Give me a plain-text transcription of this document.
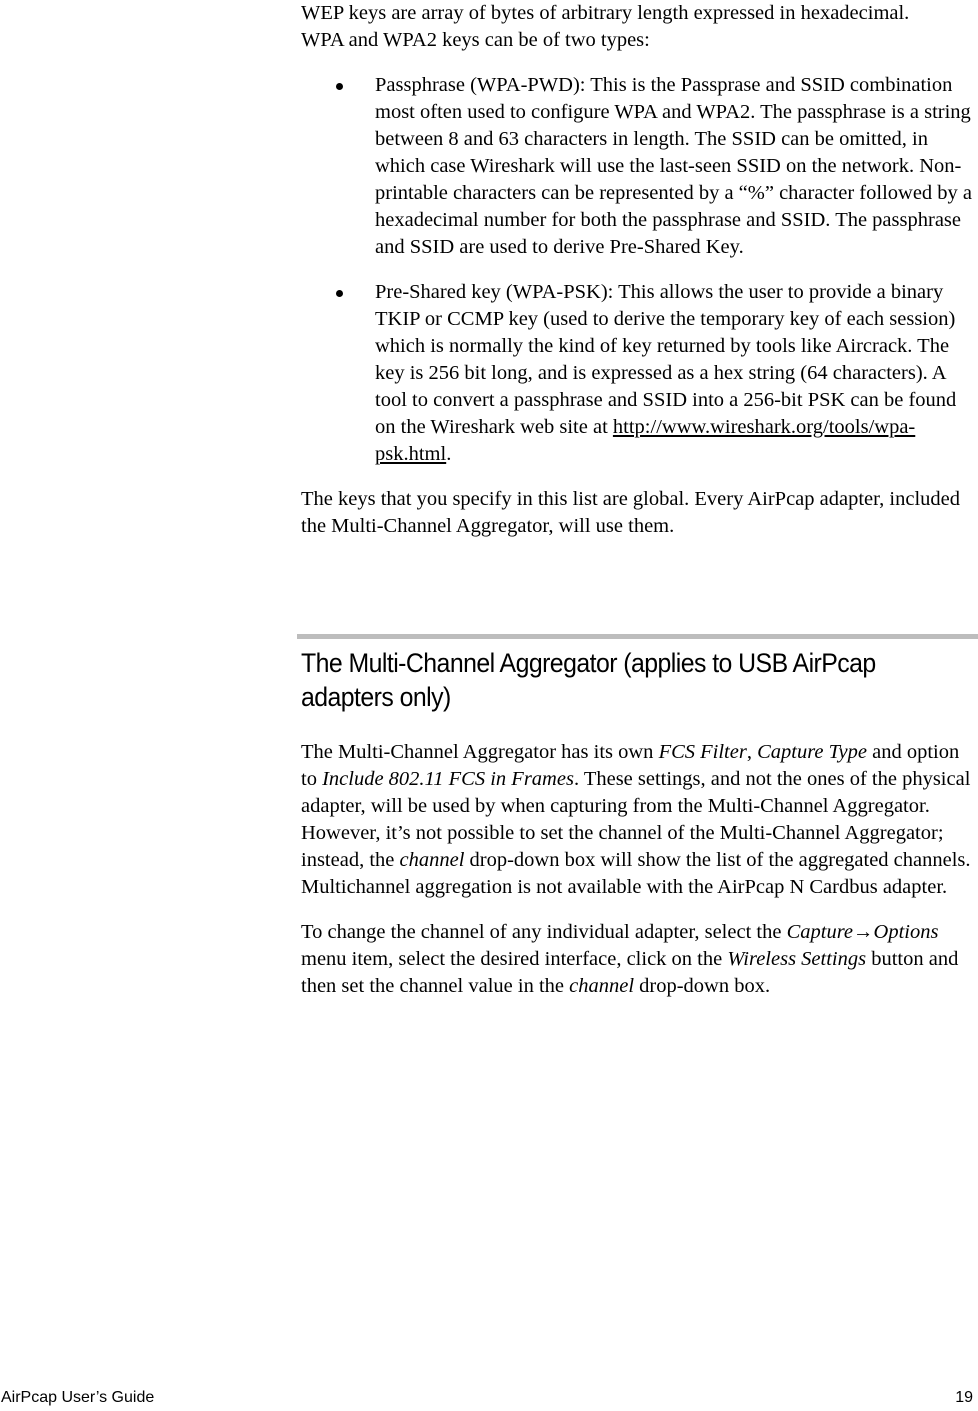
WEP keys are array of bytes of arbitrary length expressed in hexadecimal.
WPA and WPA2 keys can be of two types:

Passphrase (WPA-PWD): This is the Passprase and SSID combination most often used to configure WPA and WPA2. The passphrase is a string between 8 and 63 characters in length. The SSID can be omitted, in which case Wireshark will use the last-seen SSID on the network. Non-printable characters can be represented by a “%” character followed by a hexadecimal number for both the passphrase and SSID. The passphrase and SSID are used to derive Pre-Shared Key.
Pre-Shared key (WPA-PSK): This allows the user to provide a binary TKIP or CCMP key (used to derive the temporary key of each session) which is normally the kind of key returned by tools like Aircrack. The key is 256 bit long, and is expressed as a hex string (64 characters). A tool to convert a passphrase and SSID into a 256-bit PSK can be found on the Wireshark web site at http://www.wireshark.org/tools/wpa-psk.html.

The keys that you specify in this list are global. Every AirPcap adapter, included the Multi-Channel Aggregator, will use them.

The Multi-Channel Aggregator (applies to USB AirPcap adapters only)

The Multi-Channel Aggregator has its own FCS Filter, Capture Type and option to Include 802.11 FCS in Frames. These settings, and not the ones of the physical adapter, will be used by when capturing from the Multi-Channel Aggregator.

However, it’s not possible to set the channel of the Multi-Channel Aggregator; instead, the channel drop-down box will show the list of the aggregated channels. Multichannel aggregation is not available with the AirPcap N Cardbus adapter.

To change the channel of any individual adapter, select the Capture→Options menu item, select the desired interface, click on the Wireless Settings button and then set the channel value in the channel drop-down box.

AirPcap User’s Guide	19
